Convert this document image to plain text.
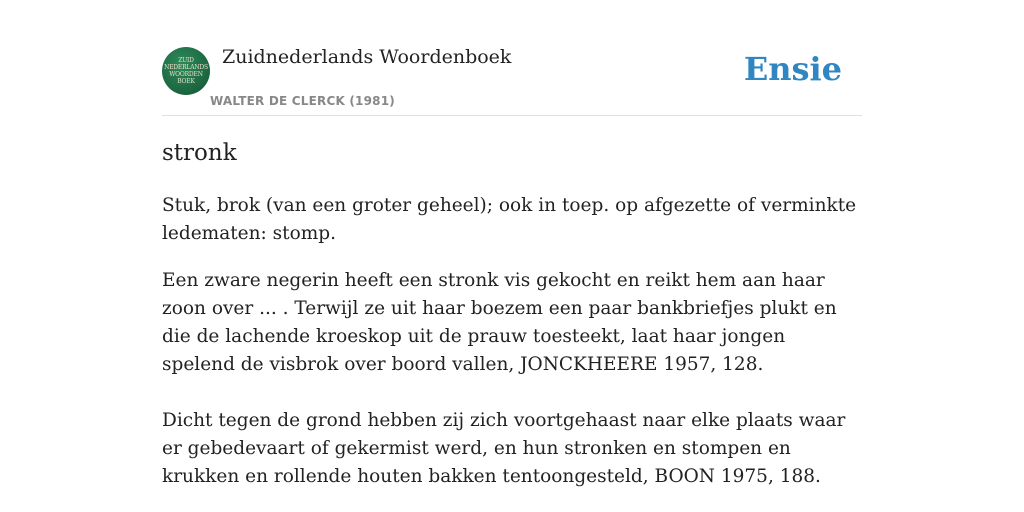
ZUID
NEDERLANDS
WOORDEN
BOEK
Zuidnederlands Woordenboek
WALTER DE CLERCK (1981)
Ensie
stronk
Stuk, brok (van een groter geheel); ook in toep. op afgezette of verminkte ledematen: stomp.
Een zware negerin heeft een stronk vis gekocht en reikt hem aan haar zoon over ... . Terwijl ze uit haar boezem een paar bankbriefjes plukt en die de lachende kroeskop uit de prauw toesteekt, laat haar jongen spelend de visbrok over boord vallen, JONCKHEERE 1957, 128.
Dicht tegen de grond hebben zij zich voortgehaast naar elke plaats waar er gebedevaart of gekermist werd, en hun stronken en stompen en krukken en rollende houten bakken tentoongesteld, BOON 1975, 188.
